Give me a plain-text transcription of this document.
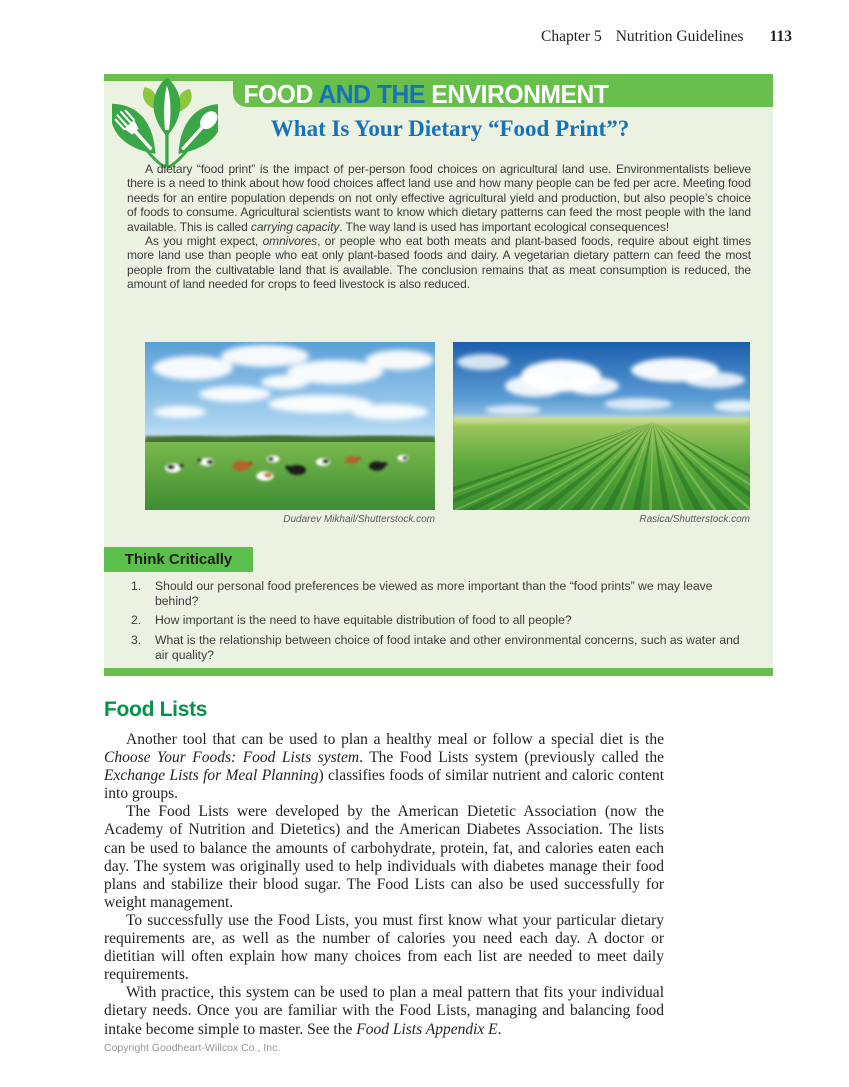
Chapter 5 Nutrition Guidelines 113
FOOD AND THE ENVIRONMENT
What Is Your Dietary “Food Print”?

A dietary “food print” is the impact of per-person food choices on agricultural land use. Environmentalists believe there is a need to think about how food choices affect land use and how many people can be fed per acre. Meeting food needs for an entire population depends on not only effective agricultural yield and production, but also people’s choice of foods to consume. Agricultural scientists want to know which dietary patterns can feed the most people with the land available. This is called carrying capacity. The way land is used has important ecological consequences!

As you might expect, omnivores, or people who eat both meats and plant-based foods, require about eight times more land use than people who eat only plant-based foods and dairy. A vegetarian dietary pattern can feed the most people from the cultivatable land that is available. The conclusion remains that as meat consumption is reduced, the amount of land needed for crops to feed livestock is also reduced.

Dudarev Mikhail/Shutterstock.com	Rasica/Shutterstock.com
Think Critically
1. Should our personal food preferences be viewed as more important than the “food prints” we may leave behind?
2. How important is the need to have equitable distribution of food to all people?
3. What is the relationship between choice of food intake and other environmental concerns, such as water and air quality?
Food Lists

Another tool that can be used to plan a healthy meal or follow a special diet is the Choose Your Foods: Food Lists system. The Food Lists system (previously called the Exchange Lists for Meal Planning) classifies foods of similar nutrient and caloric content into groups.

The Food Lists were developed by the American Dietetic Association (now the Academy of Nutrition and Dietetics) and the American Diabetes Association. The lists can be used to balance the amounts of carbohydrate, protein, fat, and calories eaten each day. The system was originally used to help individuals with diabetes manage their food plans and stabilize their blood sugar. The Food Lists can also be used successfully for weight management.

To successfully use the Food Lists, you must first know what your particular dietary requirements are, as well as the number of calories you need each day. A doctor or dietitian will often explain how many choices from each list are needed to meet daily requirements.

With practice, this system can be used to plan a meal pattern that fits your individual dietary needs. Once you are familiar with the Food Lists, managing and balancing food intake become simple to master. See the Food Lists Appendix E.

Copyright Goodheart-Willcox Co., Inc.
